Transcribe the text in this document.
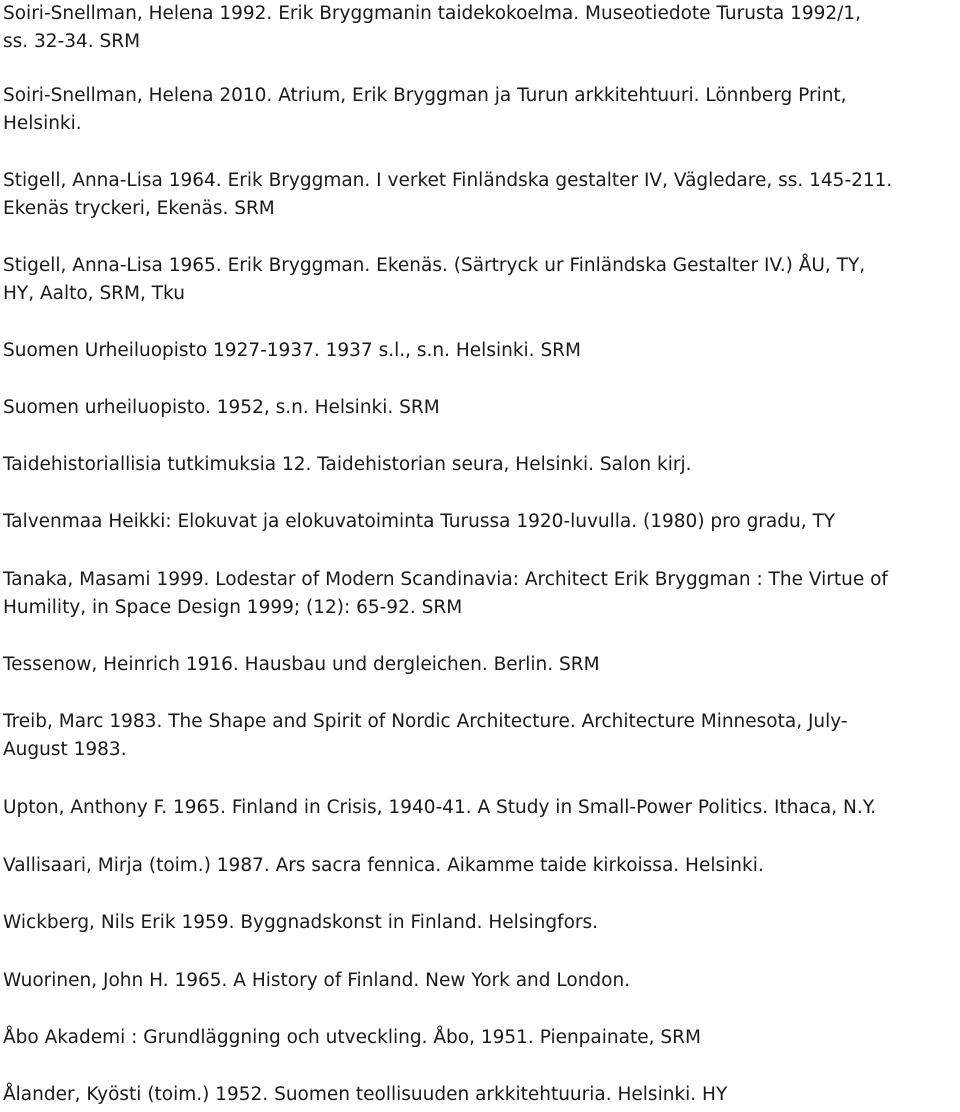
Soiri-Snellman, Helena 1992. Erik Bryggmanin taidekokoelma. Museotiedote Turusta 1992/1,
ss. 32-34. SRM

Soiri-Snellman, Helena 2010. Atrium, Erik Bryggman ja Turun arkkitehtuuri. Lönnberg Print,
Helsinki.

Stigell, Anna-Lisa 1964. Erik Bryggman. I verket Finländska gestalter IV, Vägledare, ss. 145-211.
Ekenäs tryckeri, Ekenäs. SRM

Stigell, Anna-Lisa 1965. Erik Bryggman. Ekenäs. (Särtryck ur Finländska Gestalter IV.) ÅU, TY,
HY, Aalto, SRM, Tku

Suomen Urheiluopisto 1927-1937. 1937 s.l., s.n. Helsinki. SRM

Suomen urheiluopisto. 1952, s.n. Helsinki. SRM

Taidehistoriallisia tutkimuksia 12. Taidehistorian seura, Helsinki. Salon kirj.

Talvenmaa Heikki: Elokuvat ja elokuvatoiminta Turussa 1920-luvulla. (1980) pro gradu, TY

Tanaka, Masami 1999. Lodestar of Modern Scandinavia: Architect Erik Bryggman : The Virtue of
Humility, in Space Design 1999; (12): 65-92. SRM

Tessenow, Heinrich 1916. Hausbau und dergleichen. Berlin. SRM

Treib, Marc 1983. The Shape and Spirit of Nordic Architecture. Architecture Minnesota, July-
August 1983.

Upton, Anthony F. 1965. Finland in Crisis, 1940-41. A Study in Small-Power Politics. Ithaca, N.Y.

Vallisaari, Mirja (toim.) 1987. Ars sacra fennica. Aikamme taide kirkoissa. Helsinki.

Wickberg, Nils Erik 1959. Byggnadskonst in Finland. Helsingfors.

Wuorinen, John H. 1965. A History of Finland. New York and London.

Åbo Akademi : Grundläggning och utveckling. Åbo, 1951. Pienpainate, SRM

Ålander, Kyösti (toim.) 1952. Suomen teollisuuden arkkitehtuuria. Helsinki. HY
